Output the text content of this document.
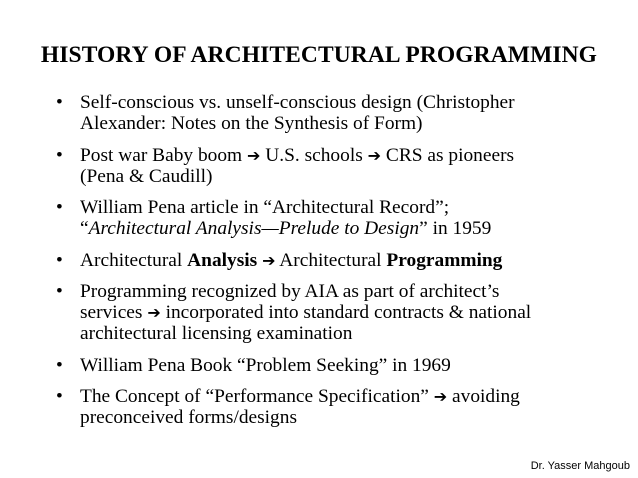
HISTORY OF ARCHITECTURAL PROGRAMMING
• Self-conscious vs. unself-conscious design (Christopher
Alexander: Notes on the Synthesis of Form)
• Post war Baby boom ➔ U.S. schools ➔ CRS as pioneers
(Pena & Caudill)
• William Pena article in “Architectural Record”;
“Architectural Analysis—Prelude to Design” in 1959
• Architectural Analysis ➔ Architectural Programming
• Programming recognized by AIA as part of architect’s
services ➔ incorporated into standard contracts & national
architectural licensing examination
• William Pena Book “Problem Seeking” in 1969
• The Concept of “Performance Specification” ➔ avoiding
preconceived forms/designs
Dr. Yasser Mahgoub
